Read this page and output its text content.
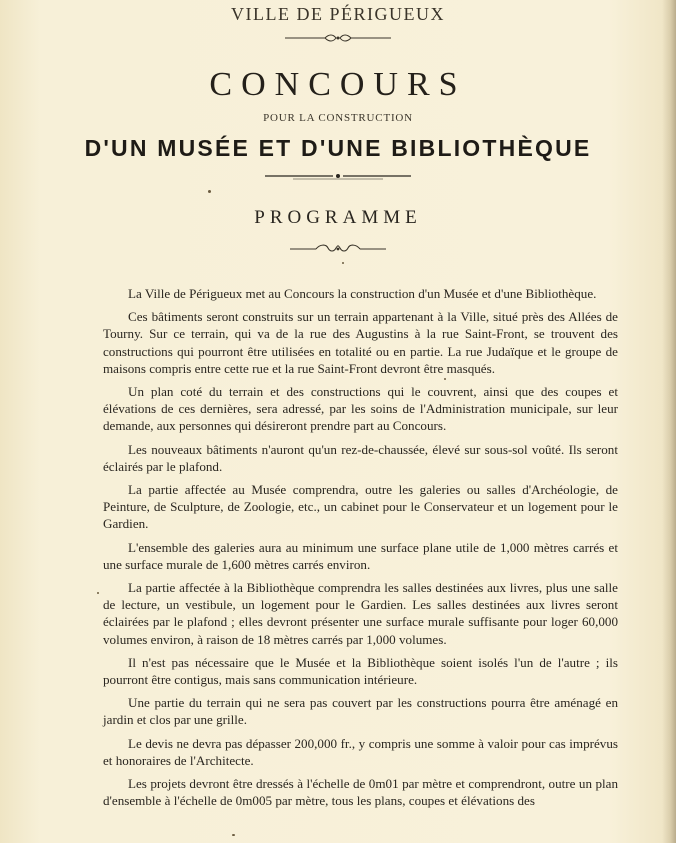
VILLE DE PÉRIGUEUX
CONCOURS
POUR LA CONSTRUCTION
D'UN MUSÉE ET D'UNE BIBLIOTHÈQUE
PROGRAMME

La Ville de Périgueux met au Concours la construction d'un Musée et d'une Bibliothèque.

Ces bâtiments seront construits sur un terrain appartenant à la Ville, situé près des Allées de Tourny. Sur ce terrain, qui va de la rue des Augustins à la rue Saint-Front, se trouvent des constructions qui pourront être utilisées en totalité ou en partie. La rue Judaïque et le groupe de maisons compris entre cette rue et la rue Saint-Front devront être masqués.

Un plan coté du terrain et des constructions qui le couvrent, ainsi que des coupes et élévations de ces dernières, sera adressé, par les soins de l'Administration municipale, sur leur demande, aux personnes qui désireront prendre part au Concours.

Les nouveaux bâtiments n'auront qu'un rez-de-chaussée, élevé sur sous-sol voûté. Ils seront éclairés par le plafond.

La partie affectée au Musée comprendra, outre les galeries ou salles d'Archéologie, de Peinture, de Sculpture, de Zoologie, etc., un cabinet pour le Conservateur et un logement pour le Gardien.

L'ensemble des galeries aura au minimum une surface plane utile de 1,000 mètres carrés et une surface murale de 1,600 mètres carrés environ.

La partie affectée à la Bibliothèque comprendra les salles destinées aux livres, plus une salle de lecture, un vestibule, un logement pour le Gardien. Les salles destinées aux livres seront éclairées par le plafond ; elles devront présenter une surface murale suffisante pour loger 60,000 volumes environ, à raison de 18 mètres carrés par 1,000 volumes.

Il n'est pas nécessaire que le Musée et la Bibliothèque soient isolés l'un de l'autre ; ils pourront être contigus, mais sans communication intérieure.

Une partie du terrain qui ne sera pas couvert par les constructions pourra être aménagé en jardin et clos par une grille.

Le devis ne devra pas dépasser 200,000 fr., y compris une somme à valoir pour cas imprévus et honoraires de l'Architecte.

Les projets devront être dressés à l'échelle de 0m01 par mètre et comprendront, outre un plan d'ensemble à l'échelle de 0m005 par mètre, tous les plans, coupes et élévations des
